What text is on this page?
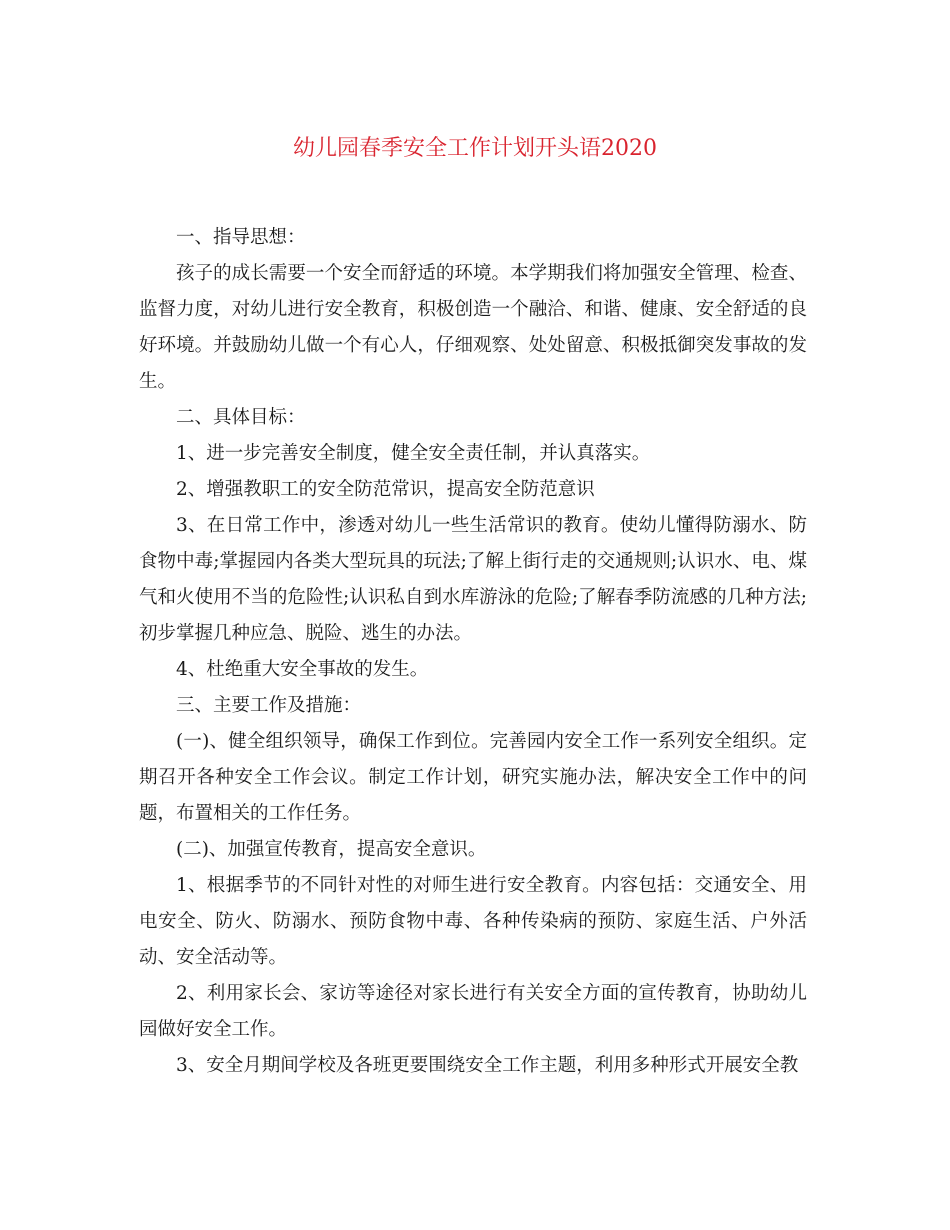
幼儿园春季安全工作计划开头语2020

一、指导思想：

孩子的成长需要一个安全而舒适的环境。本学期我们将加强安全管理、检查、监督力度，对幼儿进行安全教育，积极创造一个融洽、和谐、健康、安全舒适的良好环境。并鼓励幼儿做一个有心人，仔细观察、处处留意、积极抵御突发事故的发生。

二、具体目标：

1、进一步完善安全制度，健全安全责任制，并认真落实。

2、增强教职工的安全防范常识，提高安全防范意识

3、在日常工作中，渗透对幼儿一些生活常识的教育。使幼儿懂得防溺水、防食物中毒;掌握园内各类大型玩具的玩法;了解上街行走的交通规则;认识水、电、煤气和火使用不当的危险性;认识私自到水库游泳的危险;了解春季防流感的几种方法;初步掌握几种应急、脱险、逃生的办法。

4、杜绝重大安全事故的发生。

三、主要工作及措施：

(一)、健全组织领导，确保工作到位。完善园内安全工作一系列安全组织。定期召开各种安全工作会议。制定工作计划，研究实施办法，解决安全工作中的问题，布置相关的工作任务。

(二)、加强宣传教育，提高安全意识。

1、根据季节的不同针对性的对师生进行安全教育。内容包括：交通安全、用电安全、防火、防溺水、预防食物中毒、各种传染病的预防、家庭生活、户外活动、安全活动等。

2、利用家长会、家访等途径对家长进行有关安全方面的宣传教育，协助幼儿园做好安全工作。

3、安全月期间学校及各班更要围绕安全工作主题，利用多种形式开展安全教
